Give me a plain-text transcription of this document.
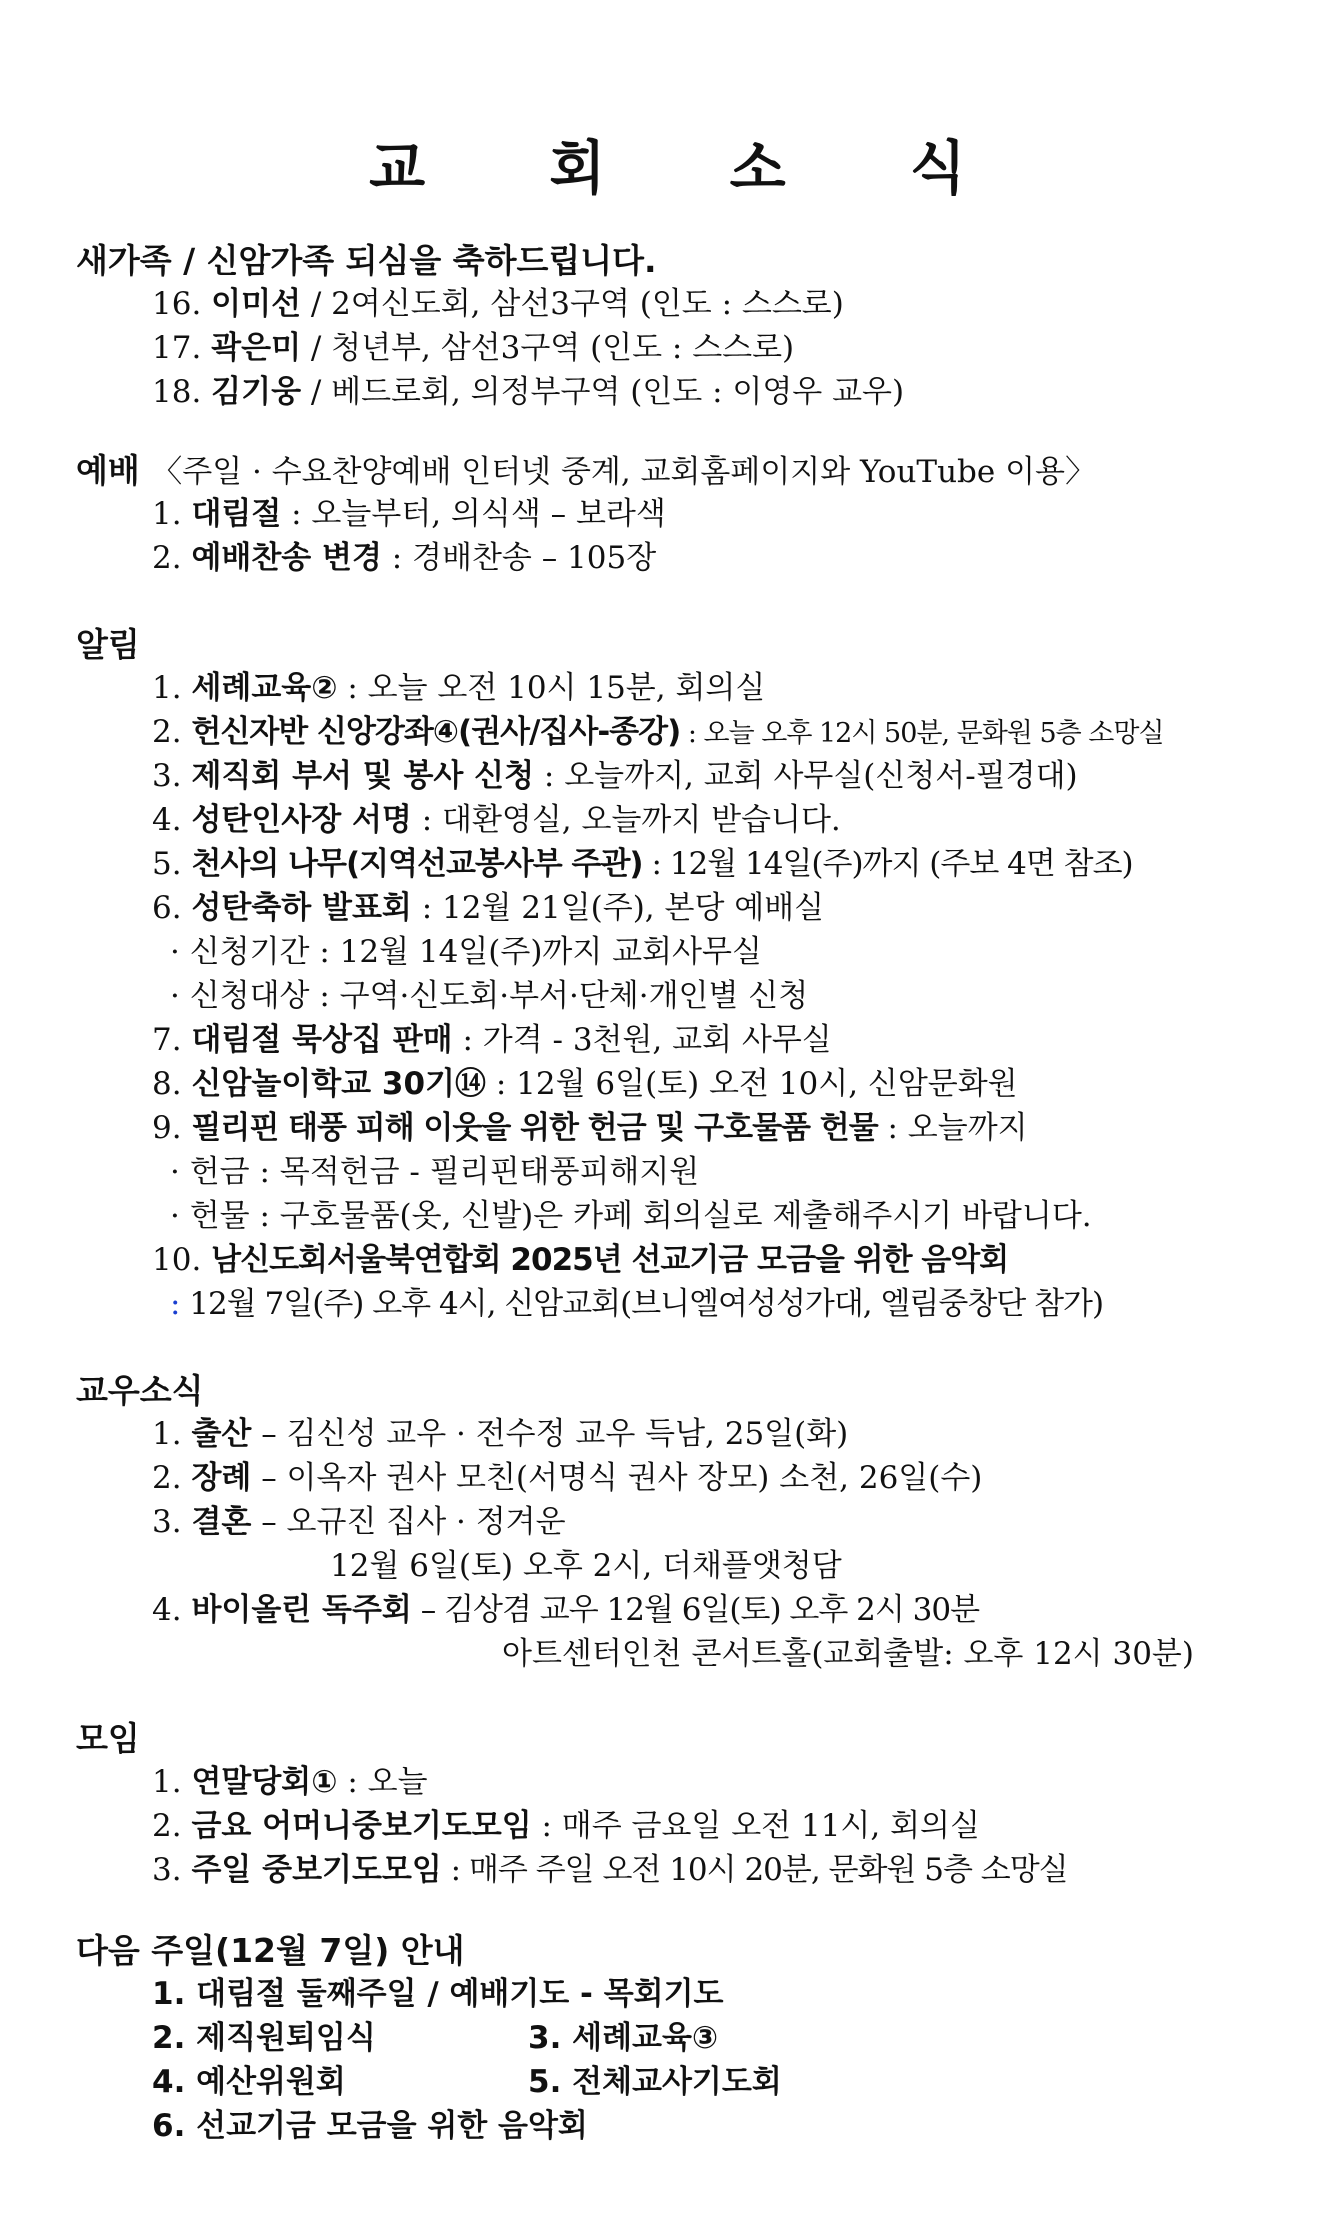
교 회 소 식
새가족 / 신암가족 되심을 축하드립니다.
16. 이미선 / 2여신도회, 삼선3구역 (인도 : 스스로)
17. 곽은미 / 청년부, 삼선3구역 (인도 : 스스로)
18. 김기웅 / 베드로회, 의정부구역 (인도 : 이영우 교우)
예배 〈주일 · 수요찬양예배 인터넷 중계, 교회홈페이지와 YouTube 이용〉
1. 대림절 : 오늘부터, 의식색 – 보라색
2. 예배찬송 변경 : 경배찬송 – 105장
알림
1. 세례교육② : 오늘 오전 10시 15분, 회의실
2. 헌신자반 신앙강좌④(권사/집사-종강) : 오늘 오후 12시 50분, 문화원 5층 소망실
3. 제직회 부서 및 봉사 신청 : 오늘까지, 교회 사무실(신청서-필경대)
4. 성탄인사장 서명 : 대환영실, 오늘까지 받습니다.
5. 천사의 나무(지역선교봉사부 주관) : 12월 14일(주)까지 (주보 4면 참조)
6. 성탄축하 발표회 : 12월 21일(주), 본당 예배실
· 신청기간 : 12월 14일(주)까지 교회사무실
· 신청대상 : 구역·신도회·부서·단체·개인별 신청
7. 대림절 묵상집 판매 : 가격 - 3천원, 교회 사무실
8. 신암놀이학교 30기⑭ : 12월 6일(토) 오전 10시, 신암문화원
9. 필리핀 태풍 피해 이웃을 위한 헌금 및 구호물품 헌물 : 오늘까지
· 헌금 : 목적헌금 - 필리핀태풍피해지원
· 헌물 : 구호물품(옷, 신발)은 카페 회의실로 제출해주시기 바랍니다.
10. 남신도회서울북연합회 2025년 선교기금 모금을 위한 음악회
: 12월 7일(주) 오후 4시, 신암교회(브니엘여성성가대, 엘림중창단 참가)
교우소식
1. 출산 – 김신성 교우 · 전수정 교우 득남, 25일(화)
2. 장례 – 이옥자 권사 모친(서명식 권사 장모) 소천, 26일(수)
3. 결혼 – 오규진 집사 · 정겨운
12월 6일(토) 오후 2시, 더채플앳청담
4. 바이올린 독주회 – 김상겸 교우 12월 6일(토) 오후 2시 30분
아트센터인천 콘서트홀(교회출발: 오후 12시 30분)
모임
1. 연말당회① : 오늘
2. 금요 어머니중보기도모임 : 매주 금요일 오전 11시, 회의실
3. 주일 중보기도모임 : 매주 주일 오전 10시 20분, 문화원 5층 소망실
다음 주일(12월 7일) 안내
1. 대림절 둘째주일 / 예배기도 - 목회기도
2. 제직원퇴임식	3. 세례교육③
4. 예산위원회	5. 전체교사기도회
6. 선교기금 모금을 위한 음악회
